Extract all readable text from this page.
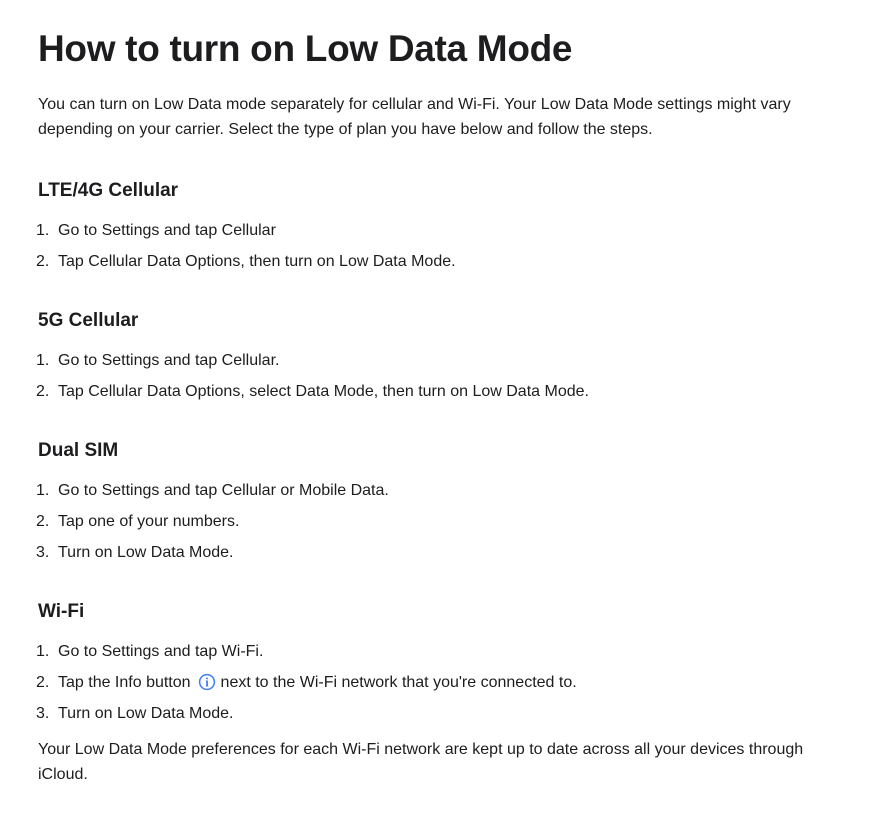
How to turn on Low Data Mode

You can turn on Low Data mode separately for cellular and Wi-Fi. Your Low Data Mode settings might vary depending on your carrier. Select the type of plan you have below and follow the steps.

LTE/4G Cellular
1. Go to Settings and tap Cellular
2. Tap Cellular Data Options, then turn on Low Data Mode.
5G Cellular
1. Go to Settings and tap Cellular.
2. Tap Cellular Data Options, select Data Mode, then turn on Low Data Mode.
Dual SIM
1. Go to Settings and tap Cellular or Mobile Data.
2. Tap one of your numbers.
3. Turn on Low Data Mode.
Wi-Fi
1. Go to Settings and tap Wi-Fi.
2. Tap the Info button i next to the Wi-Fi network that you're connected to.
3. Turn on Low Data Mode.

Your Low Data Mode preferences for each Wi-Fi network are kept up to date across all your devices through iCloud.
